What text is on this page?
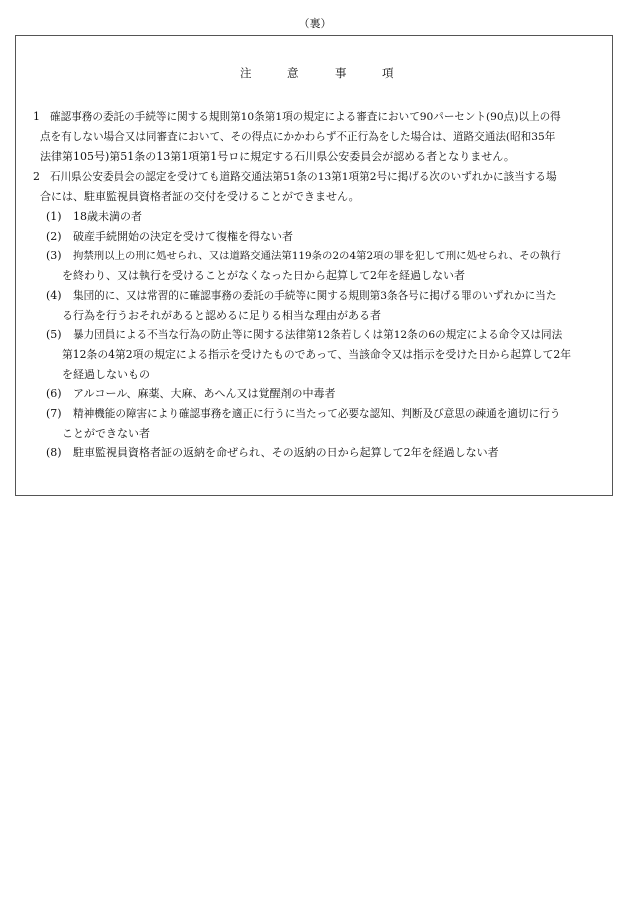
（裏）
注	意	事	項
1 確認事務の委託の手続等に関する規則第10条第1項の規定による審査において90パーセント(90点)以上の得
点を有しない場合又は同審査において、その得点にかかわらず不正行為をした場合は、道路交通法(昭和35年
法律第105号)第51条の13第1項第1号ロに規定する石川県公安委員会が認める者となりません。
2 石川県公安委員会の認定を受けても道路交通法第51条の13第1項第2号に掲げる次のいずれかに該当する場
合には、駐車監視員資格者証の交付を受けることができません。
(1) 18歳未満の者
(2) 破産手続開始の決定を受けて復権を得ない者
(3) 拘禁刑以上の刑に処せられ、又は道路交通法第119条の2の4第2項の罪を犯して刑に処せられ、その執行
を終わり、又は執行を受けることがなくなった日から起算して2年を経過しない者
(4) 集団的に、又は常習的に確認事務の委託の手続等に関する規則第3条各号に掲げる罪のいずれかに当た
る行為を行うおそれがあると認めるに足りる相当な理由がある者
(5) 暴力団員による不当な行為の防止等に関する法律第12条若しくは第12条の6の規定による命令又は同法
第12条の4第2項の規定による指示を受けたものであって、当該命令又は指示を受けた日から起算して2年
を経過しないもの
(6) アルコール、麻薬、大麻、あへん又は覚醒剤の中毒者
(7) 精神機能の障害により確認事務を適正に行うに当たって必要な認知、判断及び意思の疎通を適切に行う
ことができない者
(8) 駐車監視員資格者証の返納を命ぜられ、その返納の日から起算して2年を経過しない者
